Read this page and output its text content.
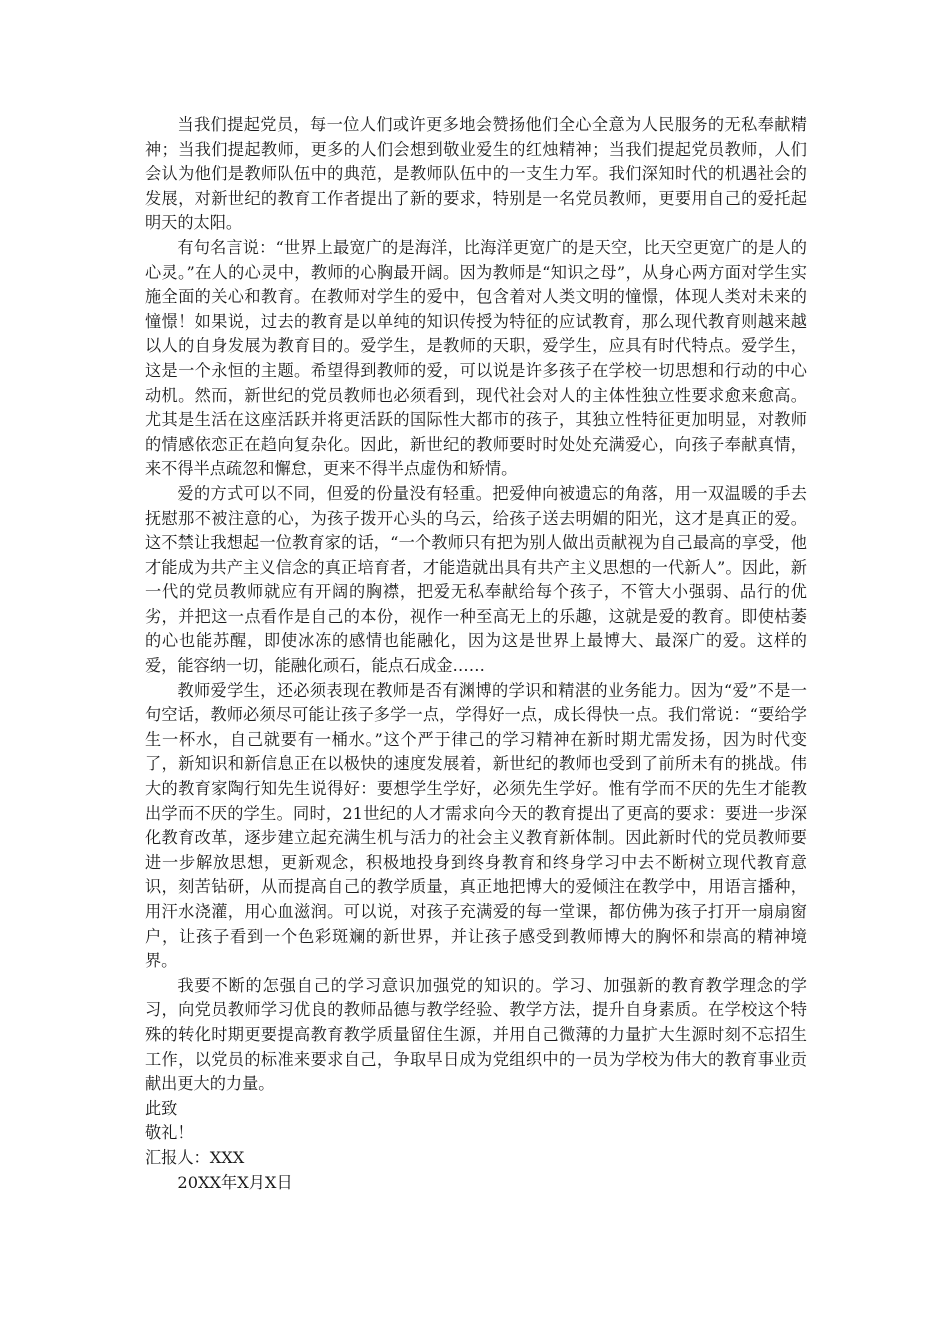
当我们提起党员，每一位人们或许更多地会赞扬他们全心全意为人民服务的无私奉献精神；当我们提起教师，更多的人们会想到敬业爱生的红烛精神；当我们提起党员教师，人们会认为他们是教师队伍中的典范，是教师队伍中的一支生力军。我们深知时代的机遇社会的发展，对新世纪的教育工作者提出了新的要求，特别是一名党员教师，更要用自己的爱托起明天的太阳。

有句名言说：“世界上最宽广的是海洋，比海洋更宽广的是天空，比天空更宽广的是人的心灵。”在人的心灵中，教师的心胸最开阔。因为教师是“知识之母”，从身心两方面对学生实施全面的关心和教育。在教师对学生的爱中，包含着对人类文明的憧憬，体现人类对未来的憧憬！如果说，过去的教育是以单纯的知识传授为特征的应试教育，那么现代教育则越来越以人的自身发展为教育目的。爱学生，是教师的天职，爱学生，应具有时代特点。爱学生，这是一个永恒的主题。希望得到教师的爱，可以说是许多孩子在学校一切思想和行动的中心动机。然而，新世纪的党员教师也必须看到，现代社会对人的主体性独立性要求愈来愈高。尤其是生活在这座活跃并将更活跃的国际性大都市的孩子，其独立性特征更加明显，对教师的情感依恋正在趋向复杂化。因此，新世纪的教师要时时处处充满爱心，向孩子奉献真情，来不得半点疏忽和懈怠，更来不得半点虚伪和矫情。

爱的方式可以不同，但爱的份量没有轻重。把爱伸向被遗忘的角落，用一双温暖的手去抚慰那不被注意的心，为孩子拨开心头的乌云，给孩子送去明媚的阳光，这才是真正的爱。这不禁让我想起一位教育家的话，“一个教师只有把为别人做出贡献视为自己最高的享受，他才能成为共产主义信念的真正培育者，才能造就出具有共产主义思想的一代新人”。因此，新一代的党员教师就应有开阔的胸襟，把爱无私奉献给每个孩子，不管大小强弱、品行的优劣，并把这一点看作是自己的本份，视作一种至高无上的乐趣，这就是爱的教育。即使枯萎的心也能苏醒，即使冰冻的感情也能融化，因为这是世界上最博大、最深广的爱。这样的爱，能容纳一切，能融化顽石，能点石成金……

教师爱学生，还必须表现在教师是否有渊博的学识和精湛的业务能力。因为“爱”不是一句空话，教师必须尽可能让孩子多学一点，学得好一点，成长得快一点。我们常说：“要给学生一杯水，自己就要有一桶水。”这个严于律己的学习精神在新时期尤需发扬，因为时代变了，新知识和新信息正在以极快的速度发展着，新世纪的教师也受到了前所未有的挑战。伟大的教育家陶行知先生说得好：要想学生学好，必须先生学好。惟有学而不厌的先生才能教出学而不厌的学生。同时，21世纪的人才需求向今天的教育提出了更高的要求：要进一步深化教育改革，逐步建立起充满生机与活力的社会主义教育新体制。因此新时代的党员教师要进一步解放思想，更新观念，积极地投身到终身教育和终身学习中去不断树立现代教育意识，刻苦钻研，从而提高自己的教学质量，真正地把博大的爱倾注在教学中，用语言播种，用汗水浇灌，用心血滋润。可以说，对孩子充满爱的每一堂课，都仿佛为孩子打开一扇扇窗户，让孩子看到一个色彩斑斓的新世界，并让孩子感受到教师博大的胸怀和崇高的精神境界。

我要不断的怎强自己的学习意识加强党的知识的。学习、加强新的教育教学理念的学习，向党员教师学习优良的教师品德与教学经验、教学方法，提升自身素质。在学校这个特殊的转化时期更要提高教育教学质量留住生源，并用自己微薄的力量扩大生源时刻不忘招生工作，以党员的标准来要求自己，争取早日成为党组织中的一员为学校为伟大的教育事业贡献出更大的力量。

此致

敬礼！

汇报人：XXX

20XX年X月X日
